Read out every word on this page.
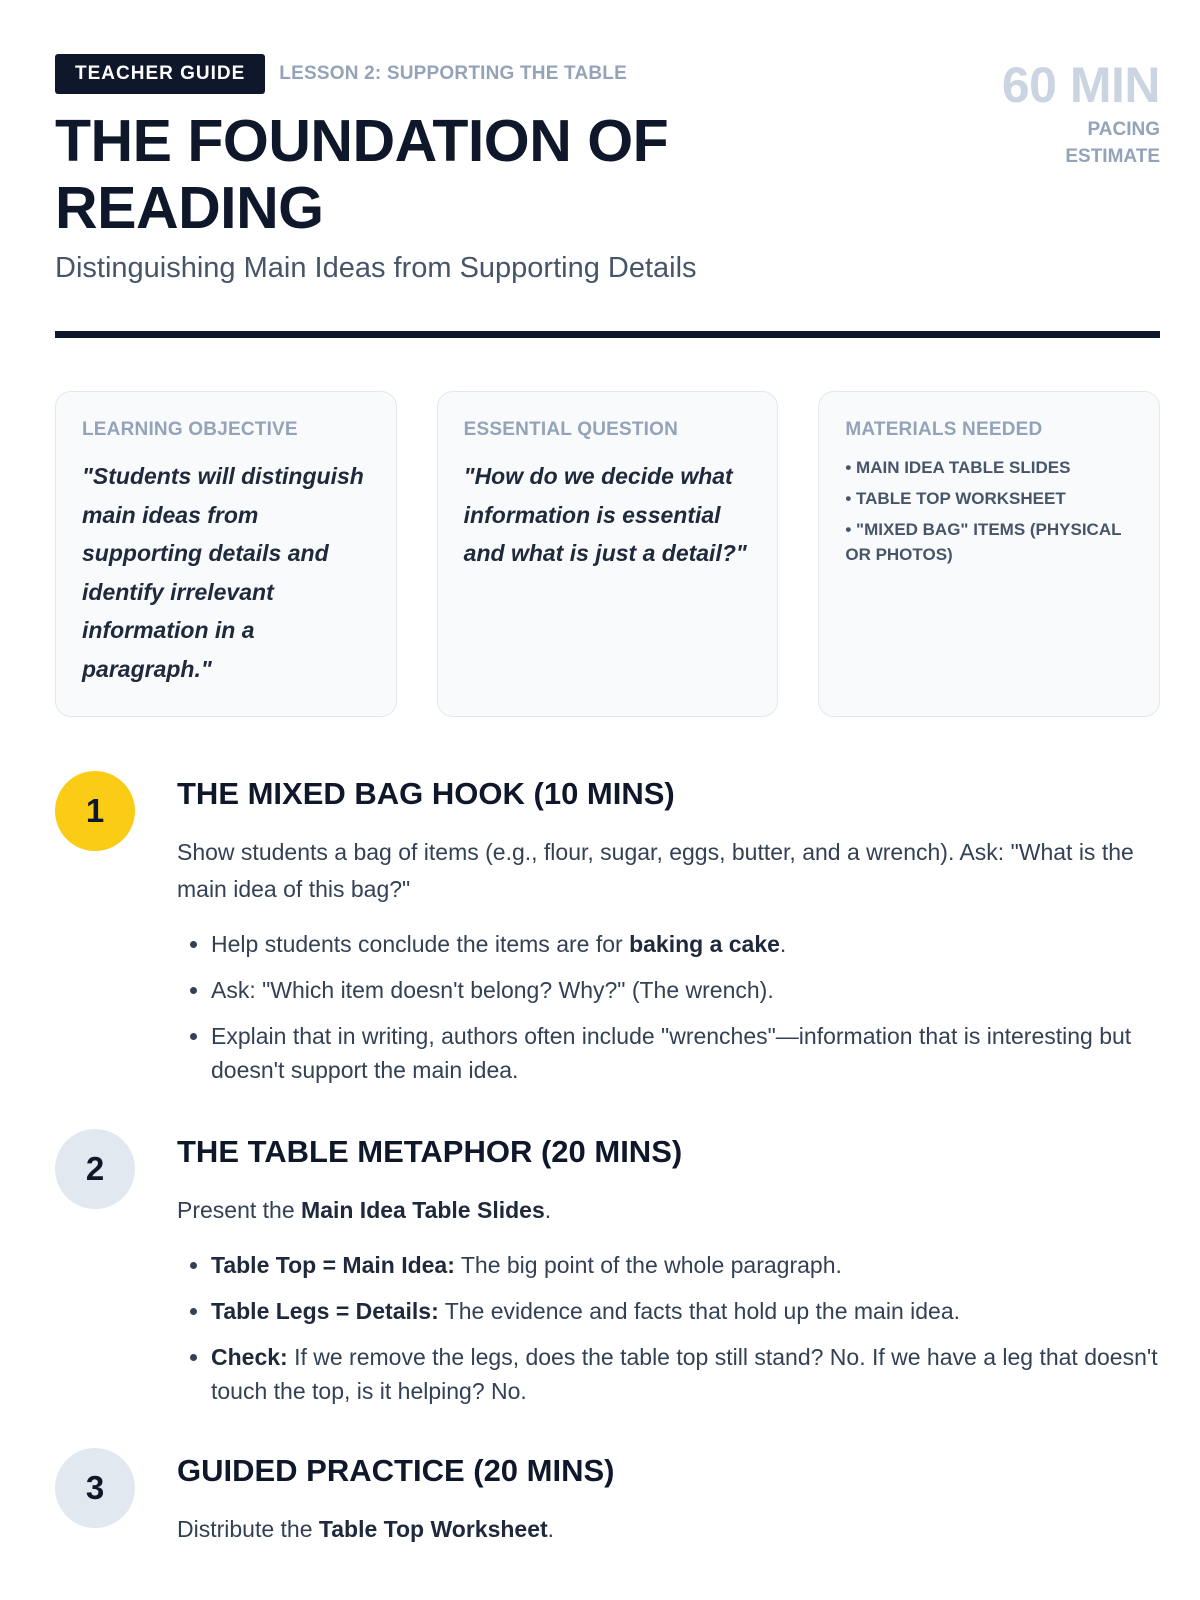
TEACHER GUIDE	LESSON 2: SUPPORTING THE TABLE	60 MIN
PACING ESTIMATE
THE FOUNDATION OF READING
Distinguishing Main Ideas from Supporting Details
LEARNING OBJECTIVE
"Students will distinguish main ideas from supporting details and identify irrelevant information in a paragraph."
ESSENTIAL QUESTION
"How do we decide what information is essential and what is just a detail?"
MATERIALS NEEDED
• MAIN IDEA TABLE SLIDES
• TABLE TOP WORKSHEET
• "MIXED BAG" ITEMS (PHYSICAL OR PHOTOS)
1	THE MIXED BAG HOOK (10 MINS)
Show students a bag of items (e.g., flour, sugar, eggs, butter, and a wrench). Ask: "What is the main idea of this bag?"
• Help students conclude the items are for baking a cake.
• Ask: "Which item doesn't belong? Why?" (The wrench).
• Explain that in writing, authors often include "wrenches"—information that is interesting but doesn't support the main idea.
2	THE TABLE METAPHOR (20 MINS)
Present the Main Idea Table Slides.
• Table Top = Main Idea: The big point of the whole paragraph.
• Table Legs = Details: The evidence and facts that hold up the main idea.
• Check: If we remove the legs, does the table top still stand? No. If we have a leg that doesn't touch the top, is it helping? No.
3	GUIDED PRACTICE (20 MINS)
Distribute the Table Top Worksheet.
